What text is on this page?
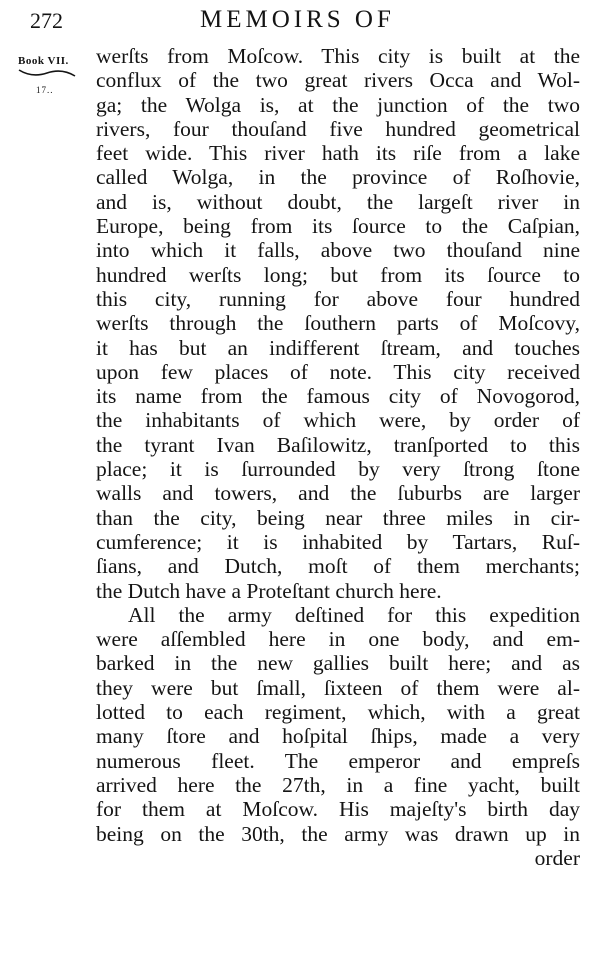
272	MEMOIRS OF
Book VII.
17..
werſts from Moſcow. This city is built at the
conflux of the two great rivers Occa and Wol-
ga; the Wolga is, at the junction of the two
rivers, four thouſand five hundred geometrical
feet wide. This river hath its riſe from a lake
called Wolga, in the province of Roſhovie,
and is, without doubt, the largeſt river in
Europe, being from its ſource to the Caſpian,
into which it falls, above two thouſand nine
hundred werſts long; but from its ſource to
this city, running for above four hundred
werſts through the ſouthern parts of Moſcovy,
it has but an indifferent ſtream, and touches
upon few places of note. This city received
its name from the famous city of Novogorod,
the inhabitants of which were, by order of
the tyrant Ivan Baſilowitz, tranſported to this
place; it is ſurrounded by very ſtrong ſtone
walls and towers, and the ſuburbs are larger
than the city, being near three miles in cir-
cumference; it is inhabited by Tartars, Ruſ-
ſians, and Dutch, moſt of them merchants;
the Dutch have a Proteſtant church here.
All the army deſtined for this expedition
were aſſembled here in one body, and em-
barked in the new gallies built here; and as
they were but ſmall, ſixteen of them were al-
lotted to each regiment, which, with a great
many ſtore and hoſpital ſhips, made a very
numerous fleet. The emperor and empreſs
arrived here the 27th, in a fine yacht, built
for them at Moſcow. His majeſty's birth day
being on the 30th, the army was drawn up in
order
